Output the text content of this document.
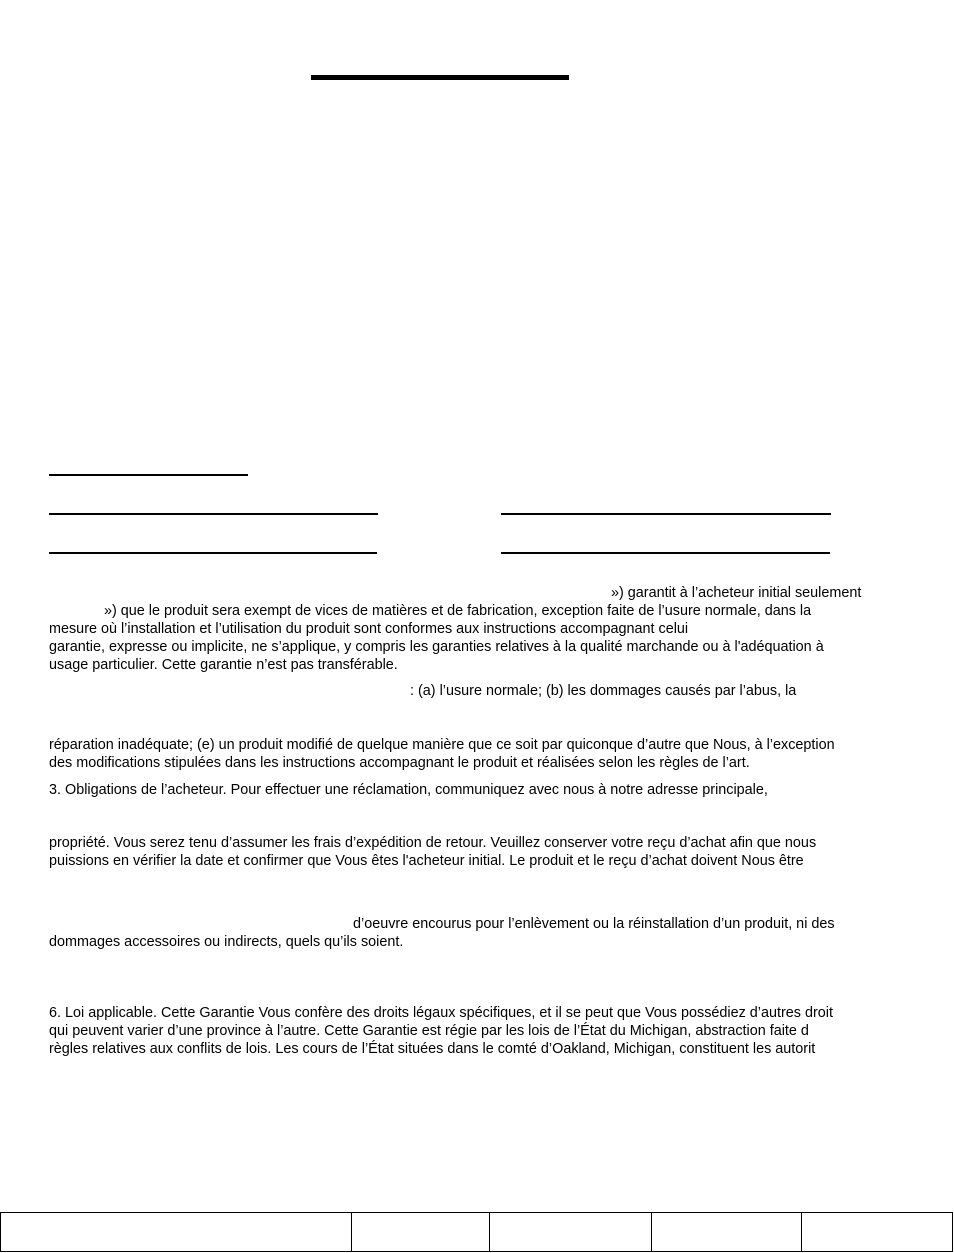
») garantit à l’acheteur initial seulement
») que le produit sera exempt de vices de matières et de fabrication, exception faite de l’usure normale, dans la
mesure où l’installation et l’utilisation du produit sont conformes aux instructions accompagnant celui
garantie, expresse ou implicite, ne s’applique, y compris les garanties relatives à la qualité marchande ou à l'adéquation à
usage particulier. Cette garantie n’est pas transférable.
: (a) l’usure normale; (b) les dommages causés par l’abus, la
réparation inadéquate; (e) un produit modifié de quelque manière que ce soit par quiconque d’autre que Nous, à l’exception
des modifications stipulées dans les instructions accompagnant le produit et réalisées selon les règles de l’art.
3. Obligations de l’acheteur. Pour effectuer une réclamation, communiquez avec nous à notre adresse principale,
propriété. Vous serez tenu d’assumer les frais d’expédition de retour. Veuillez conserver votre reçu d’achat afin que nous
puissions en vérifier la date et confirmer que Vous êtes l'acheteur initial. Le produit et le reçu d’achat doivent Nous être
d’oeuvre encourus pour l’enlèvement ou la réinstallation d’un produit, ni des
dommages accessoires ou indirects, quels qu’ils soient.
6. Loi applicable. Cette Garantie Vous confère des droits légaux spécifiques, et il se peut que Vous possédiez d’autres droit
qui peuvent varier d’une province à l’autre. Cette Garantie est régie par les lois de l’État du Michigan, abstraction faite d
règles relatives aux conflits de lois. Les cours de l’État situées dans le comté d’Oakland, Michigan, constituent les autorit
